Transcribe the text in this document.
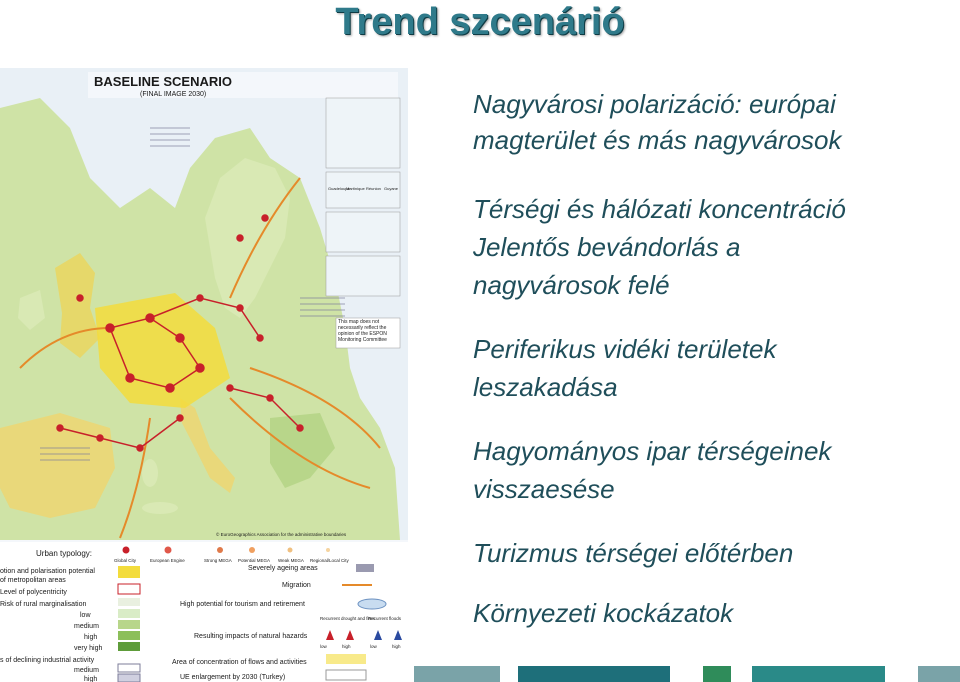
Trend szcenárió
BASELINE SCENARIO
(FINAL IMAGE 2030)
Guadeloupe
Martinique Réunion Guyane
This map does not necessarily reflect the opinion of the ESPON Monitoring Committee
© EuroGeographics Association for the administrative boundaries
Urban typology:
Global City	European Engine	Strong MEGA Potential MEGA Weak MEGA Regional/Local City
otion and polarisation potential
of metropolitan areas
Level of polycentricity
Risk of rural marginalisation
low
medium
high
very high
s of declining industrial activity
medium
high
Severely ageing areas
Migration
High potential for tourism and retirement
Resulting impacts of natural hazards
Area of concentration of flows and activities
UE enlargement by 2030 (Turkey)
Recurrent drought and fires
Recurrent floods
low	high	low	high
Nagyvárosi polarizáció: európai
magterület és más nagyvárosok
Térségi és hálózati koncentráció
Jelentős bevándorlás a
nagyvárosok felé
Periferikus vidéki területek
leszakadása
Hagyományos ipar térségeinek
visszaesése
Turizmus térségei előtérben
Környezeti kockázatok
